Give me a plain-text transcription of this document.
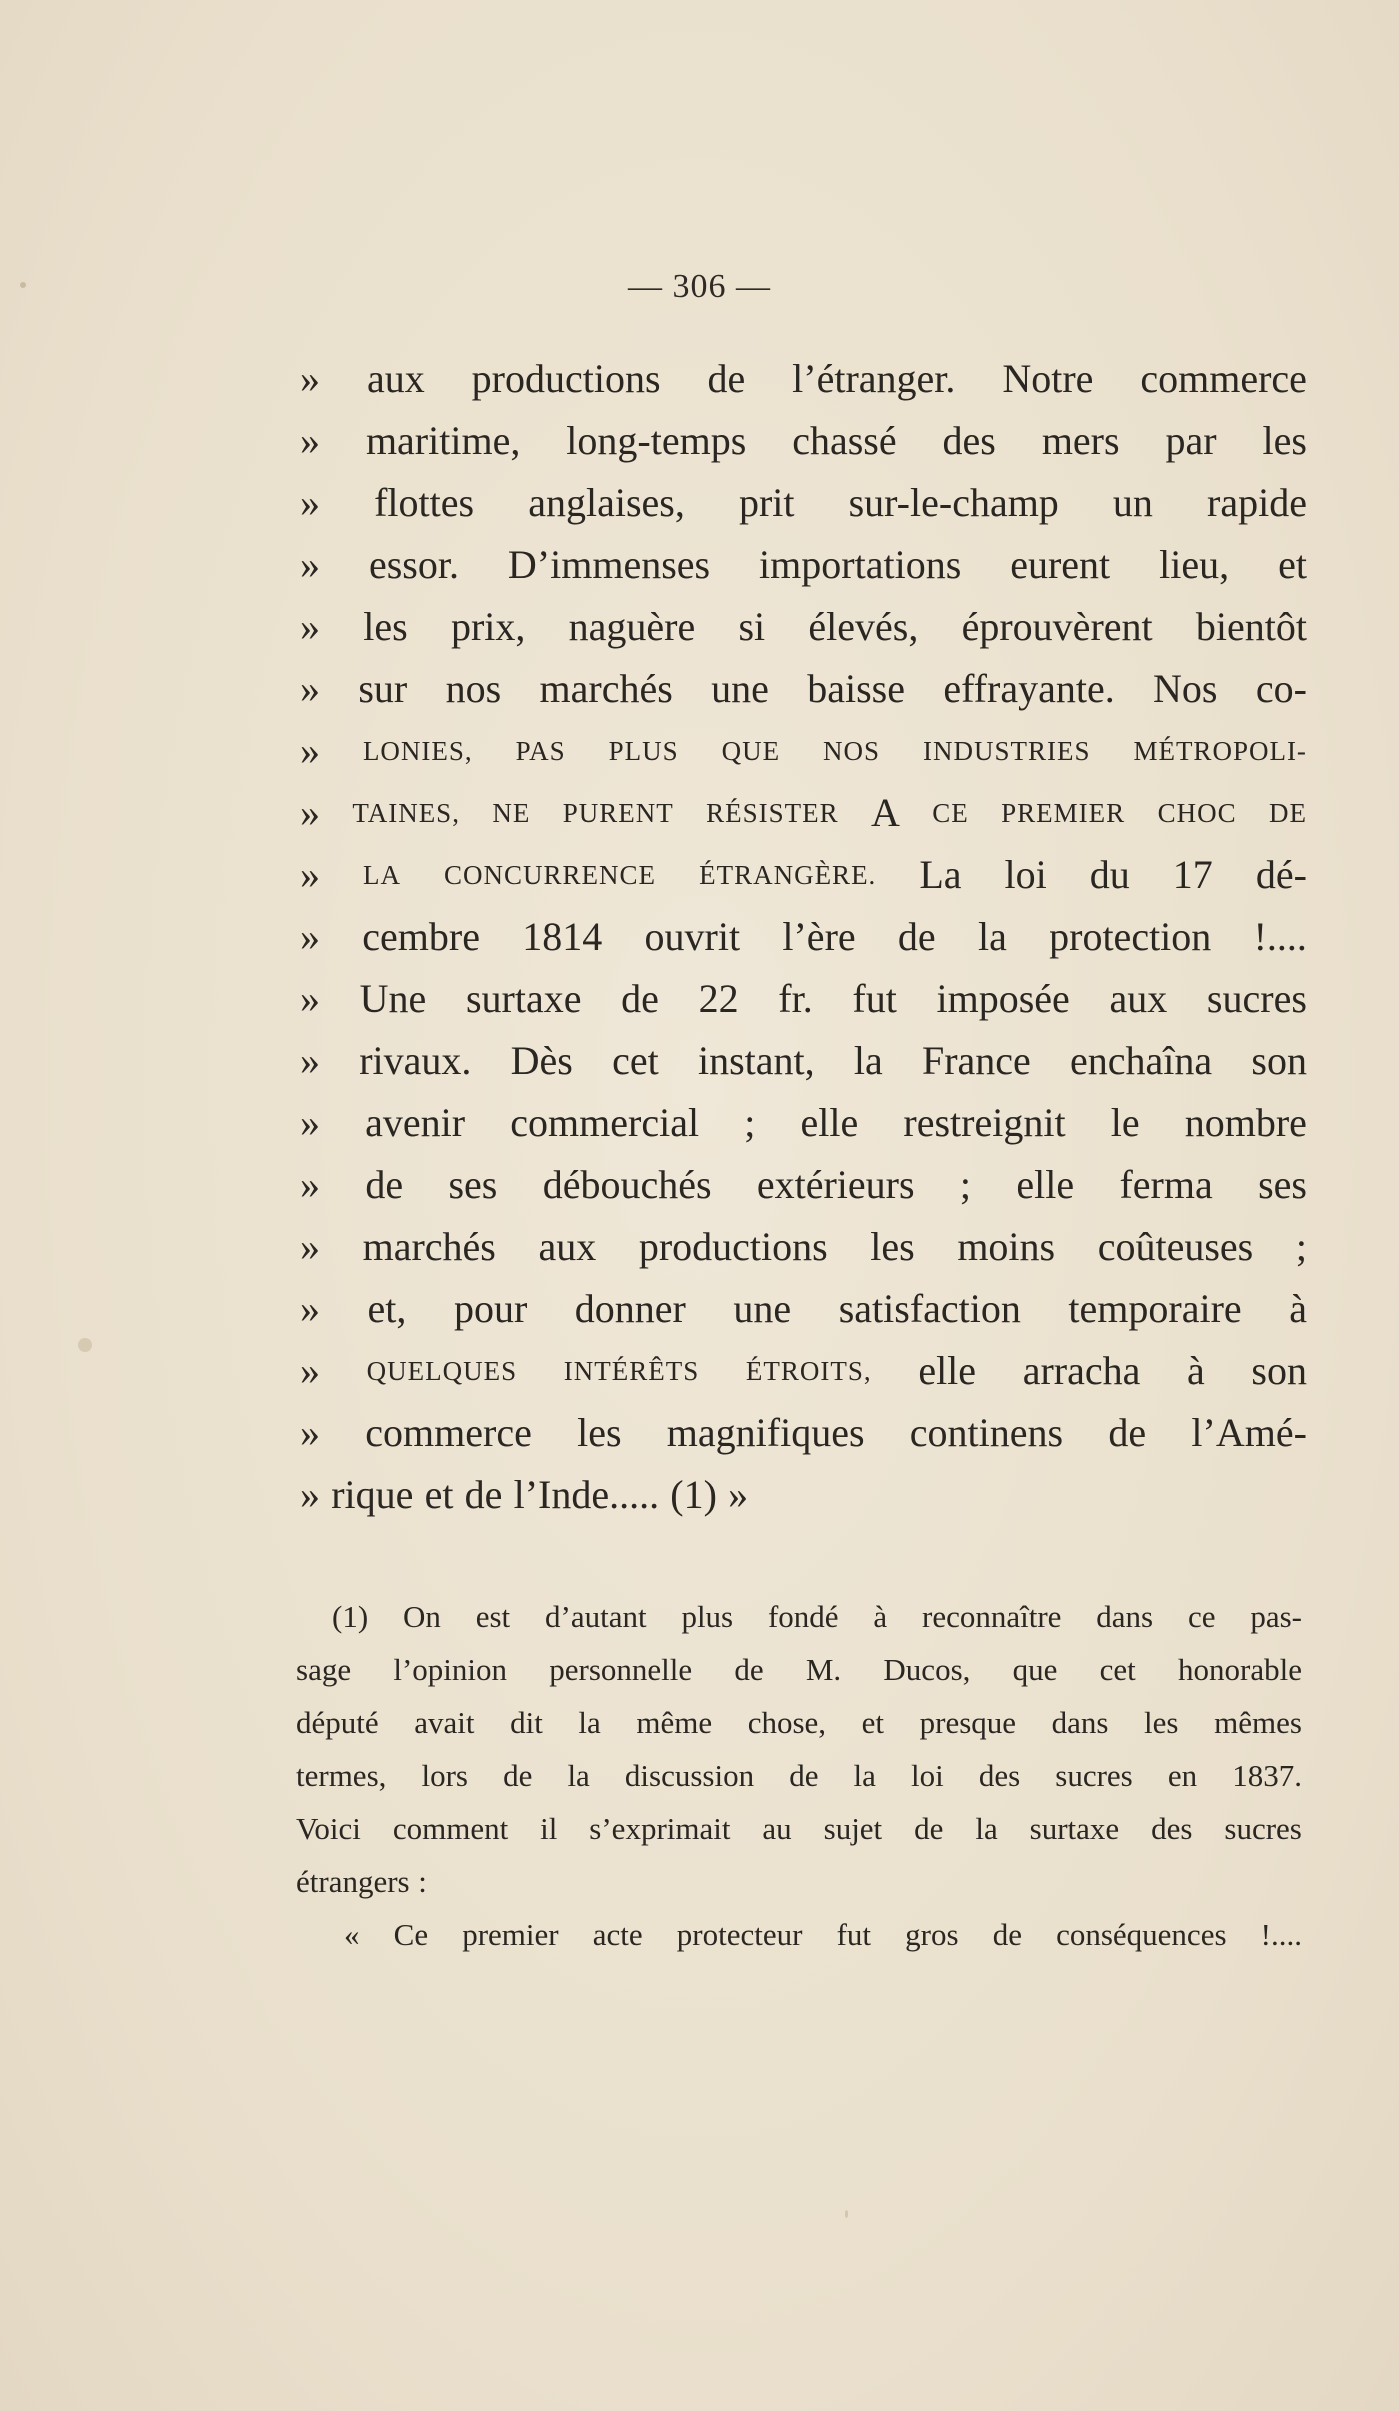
— 306 —
» aux productions de l’étranger. Notre commerce
» maritime, long-temps chassé des mers par les
» flottes anglaises, prit sur-le-champ un rapide
» essor. D’immenses importations eurent lieu, et
» les prix, naguère si élevés, éprouvèrent bientôt
» sur nos marchés une baisse effrayante. Nos co-
» LONIES, PAS PLUS QUE NOS INDUSTRIES MÉTROPOLI-
» TAINES, NE PURENT RÉSISTER A CE PREMIER CHOC DE
» LA CONCURRENCE ÉTRANGÈRE. La loi du 17 dé-
» cembre 1814 ouvrit l’ère de la protection !....
» Une surtaxe de 22 fr. fut imposée aux sucres
» rivaux. Dès cet instant, la France enchaîna son
» avenir commercial ; elle restreignit le nombre
» de ses débouchés extérieurs ; elle ferma ses
» marchés aux productions les moins coûteuses ;
» et, pour donner une satisfaction temporaire à
» QUELQUES INTÉRÊTS ÉTROITS, elle arracha à son
» commerce les magnifiques continens de l’Amé-
» rique et de l’Inde..... (1) »
(1) On est d’autant plus fondé à reconnaître dans ce pas-
sage l’opinion personnelle de M. Ducos, que cet honorable
député avait dit la même chose, et presque dans les mêmes
termes, lors de la discussion de la loi des sucres en 1837.
Voici comment il s’exprimait au sujet de la surtaxe des sucres
étrangers :
« Ce premier acte protecteur fut gros de conséquences !....
